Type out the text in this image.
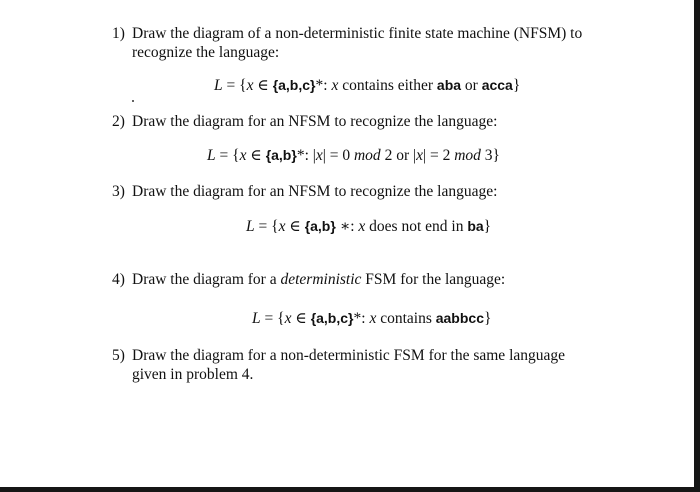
1) Draw the diagram of a non-deterministic finite state machine (NFSM) to recognize the language:
L = {x ∈ {a,b,c}*: x contains either aba or acca}
2) Draw the diagram for an NFSM to recognize the language:
L = {x ∈ {a,b}*: |x| = 0 mod 2 or |x| = 2 mod 3}
3) Draw the diagram for an NFSM to recognize the language:
L = {x ∈ {a,b} ∗: x does not end in ba}
4) Draw the diagram for a deterministic FSM for the language:
L = {x ∈ {a,b,c}*: x contains aabbcc}
5) Draw the diagram for a non-deterministic FSM for the same language given in problem 4.
